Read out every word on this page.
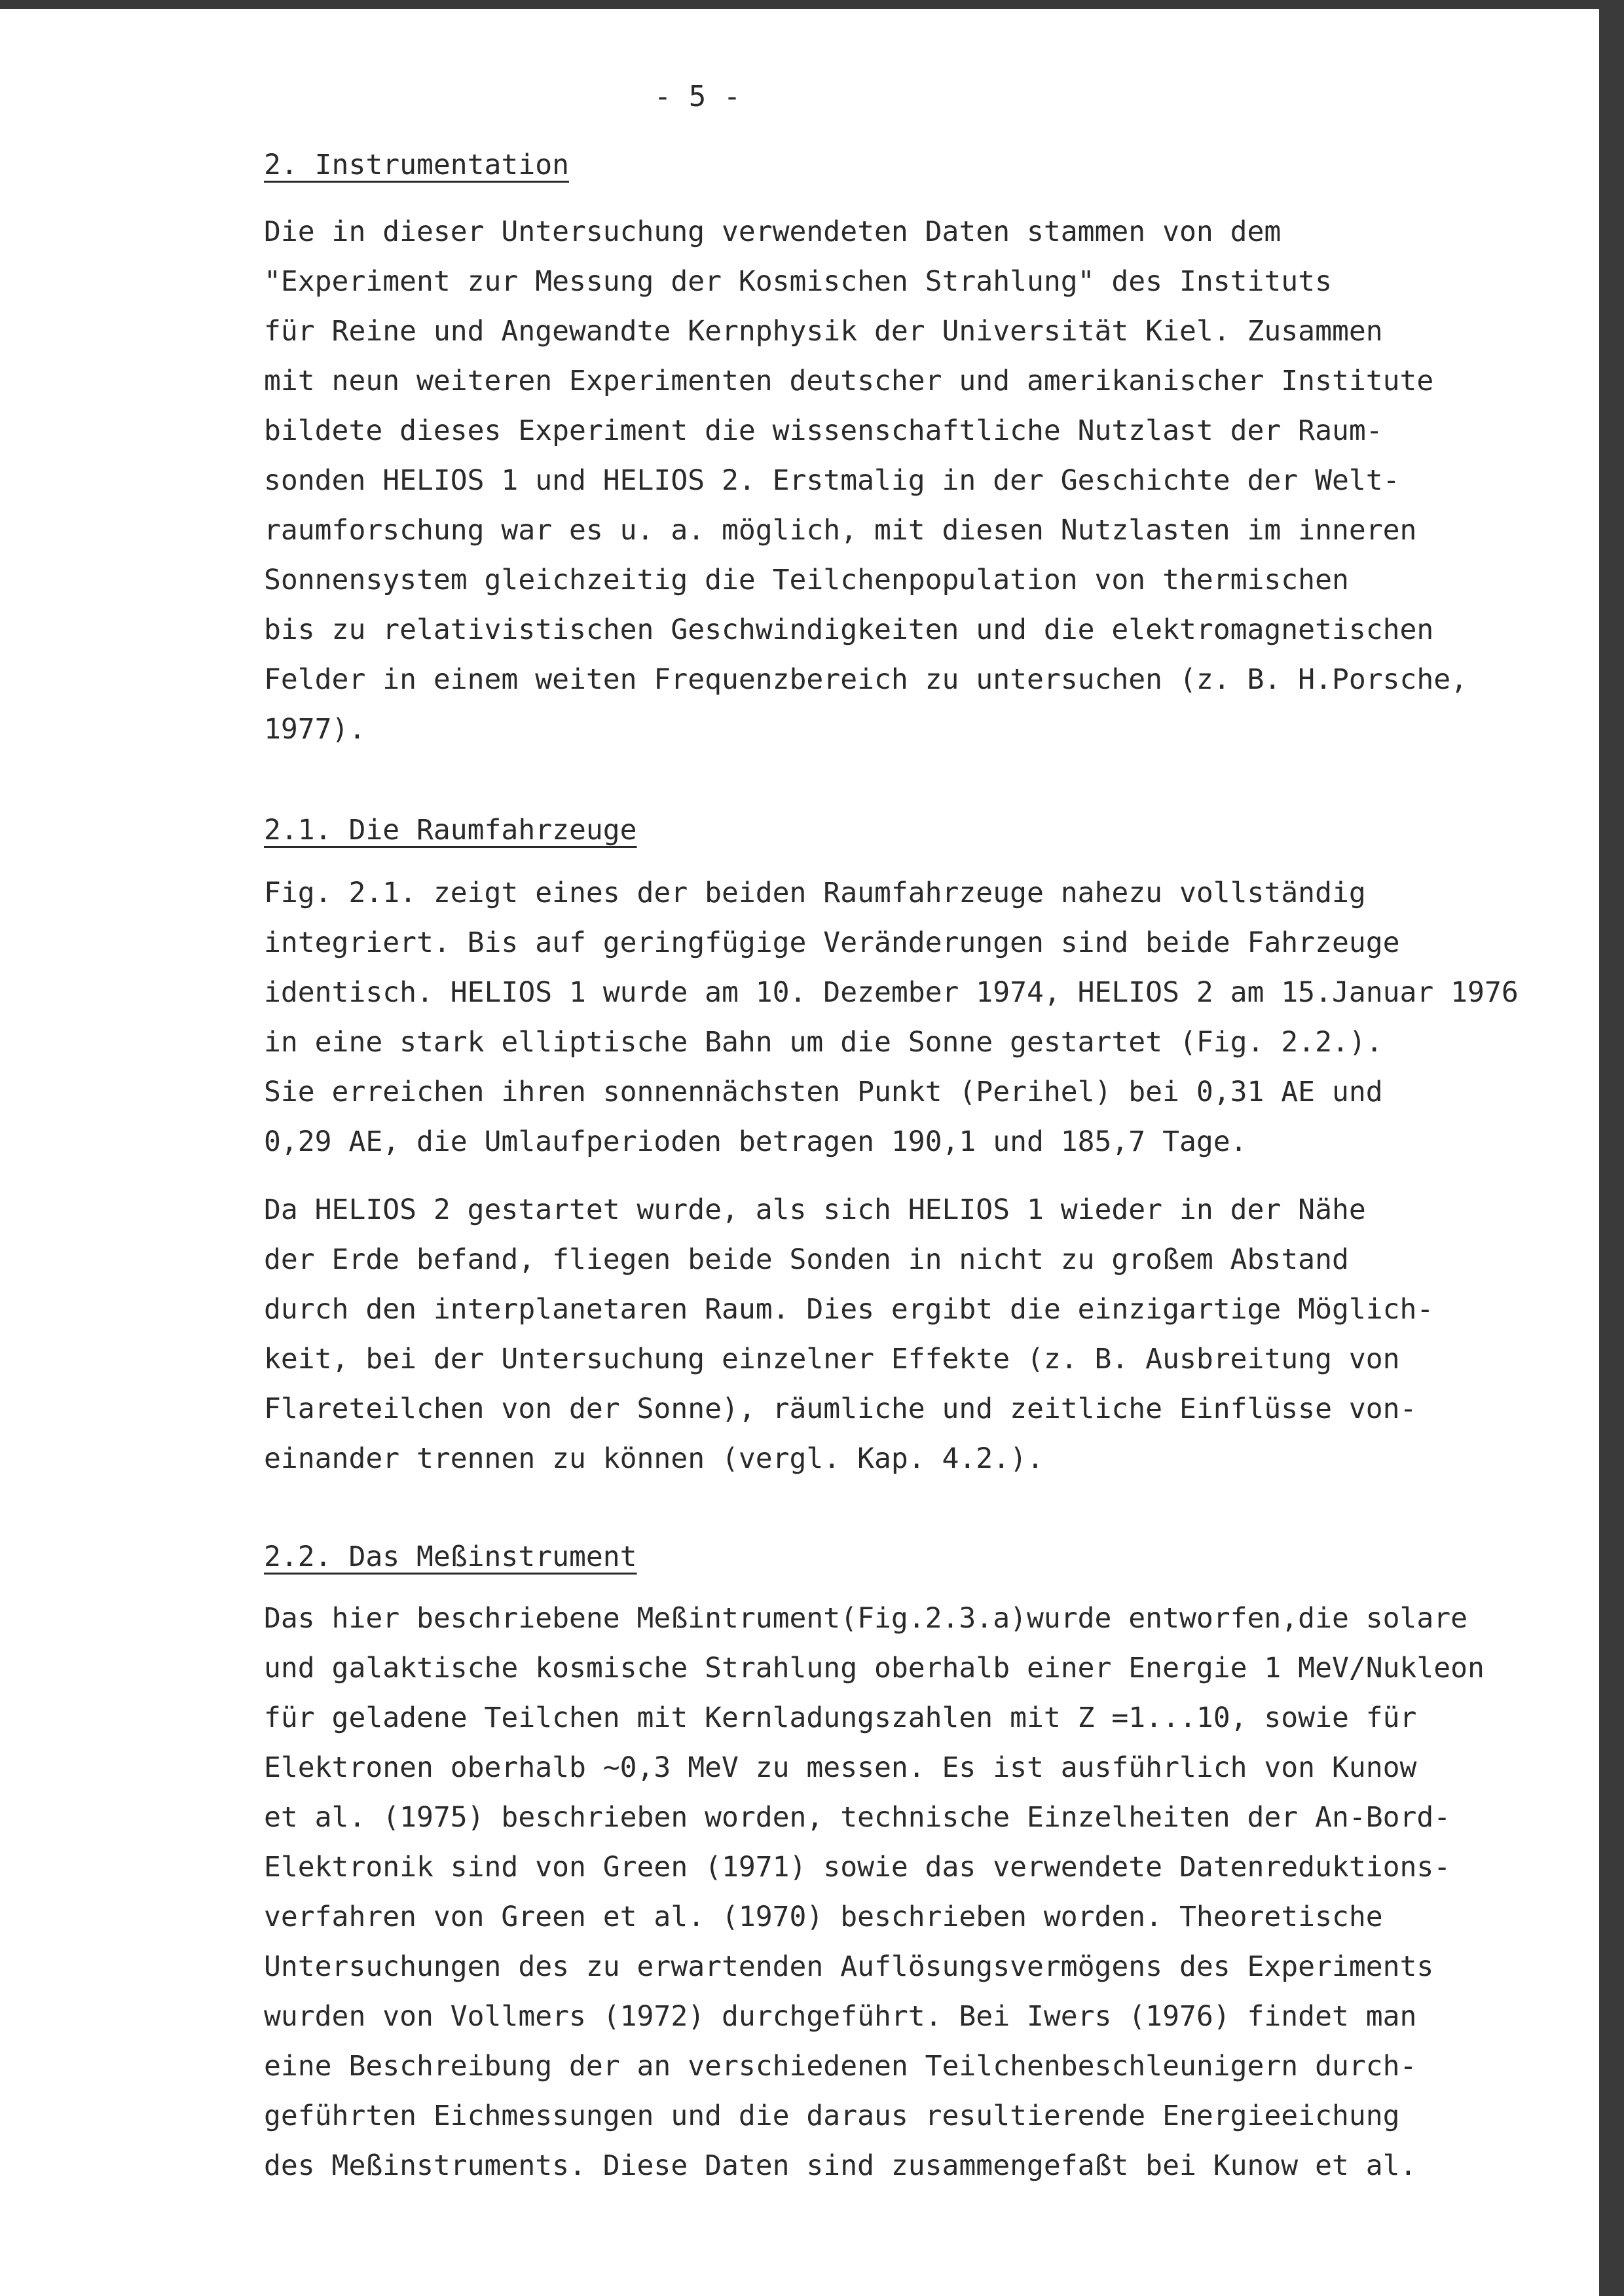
- 5 -
2. Instrumentation

Die in dieser Untersuchung verwendeten Daten stammen von dem
"Experiment zur Messung der Kosmischen Strahlung" des Instituts
für Reine und Angewandte Kernphysik der Universität Kiel. Zusammen
mit neun weiteren Experimenten deutscher und amerikanischer Institute
bildete dieses Experiment die wissenschaftliche Nutzlast der Raum-
sonden HELIOS 1 und HELIOS 2. Erstmalig in der Geschichte der Welt-
raumforschung war es u. a. möglich, mit diesen Nutzlasten im inneren
Sonnensystem gleichzeitig die Teilchenpopulation von thermischen
bis zu relativistischen Geschwindigkeiten und die elektromagnetischen
Felder in einem weiten Frequenzbereich zu untersuchen (z. B. H.Porsche,
1977).

2.1. Die Raumfahrzeuge

Fig. 2.1. zeigt eines der beiden Raumfahrzeuge nahezu vollständig
integriert. Bis auf geringfügige Veränderungen sind beide Fahrzeuge
identisch. HELIOS 1 wurde am 10. Dezember 1974, HELIOS 2 am 15.Januar 1976
in eine stark elliptische Bahn um die Sonne gestartet (Fig. 2.2.).
Sie erreichen ihren sonnennächsten Punkt (Perihel) bei 0,31 AE und
0,29 AE, die Umlaufperioden betragen 190,1 und 185,7 Tage.

Da HELIOS 2 gestartet wurde, als sich HELIOS 1 wieder in der Nähe
der Erde befand, fliegen beide Sonden in nicht zu großem Abstand
durch den interplanetaren Raum. Dies ergibt die einzigartige Möglich-
keit, bei der Untersuchung einzelner Effekte (z. B. Ausbreitung von
Flareteilchen von der Sonne), räumliche und zeitliche Einflüsse von-
einander trennen zu können (vergl. Kap. 4.2.).

2.2. Das Meßinstrument

Das hier beschriebene Meßintrument(Fig.2.3.a)wurde entworfen,die solare
und galaktische kosmische Strahlung oberhalb einer Energie 1 MeV/Nukleon
für geladene Teilchen mit Kernladungszahlen mit Z =1...10, sowie für
Elektronen oberhalb ~0,3 MeV zu messen. Es ist ausführlich von Kunow
et al. (1975) beschrieben worden, technische Einzelheiten der An-Bord-
Elektronik sind von Green (1971) sowie das verwendete Datenreduktions-
verfahren von Green et al. (1970) beschrieben worden. Theoretische
Untersuchungen des zu erwartenden Auflösungsvermögens des Experiments
wurden von Vollmers (1972) durchgeführt. Bei Iwers (1976) findet man
eine Beschreibung der an verschiedenen Teilchenbeschleunigern durch-
geführten Eichmessungen und die daraus resultierende Energieeichung
des Meßinstruments. Diese Daten sind zusammengefaßt bei Kunow et al.
